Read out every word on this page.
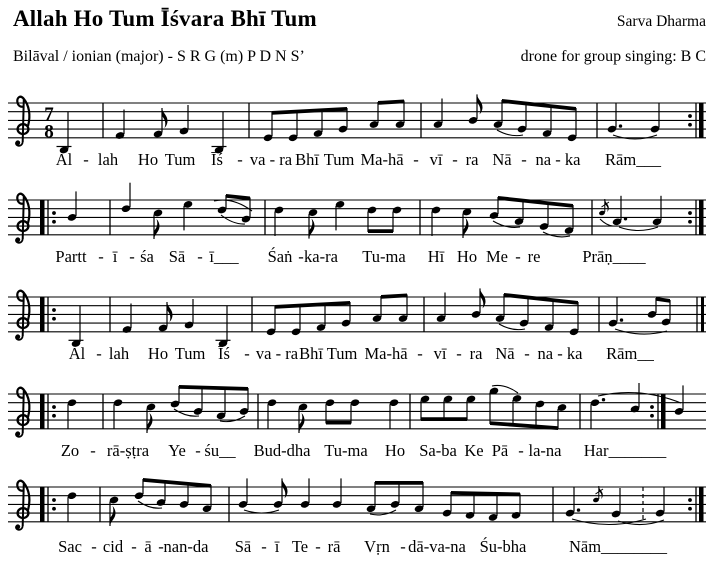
Allah Ho Tum Īśvara Bhī Tum	Sarva Dharma
Bilāval / ionian (major) - S R G (m) P D N S’	drone for group singing: B C
7
8
Al - lah Ho Tum Īś - va - ra Bhī Tum Ma-hā - vī - ra Nā - na - ka Rām___
Partt - ī - śa Sā - ī___ Śaṅ - ka-ra Tu-ma Hī Ho Me - re	Prāṇ____
Al - lah Ho Tum Īś - va - ra Bhī Tum Ma-hā - vī - ra Nā - na - ka Rām__
Zo - rā-ṣṭra Ye - śu__ Bud-dha Tu-ma Ho Sa-ba Ke Pā - la-na Har_______
Sac - cid - ā - nan-da Sā - ī Te - rā Vṛn - dā-va-na Śu-bha	Nām________
